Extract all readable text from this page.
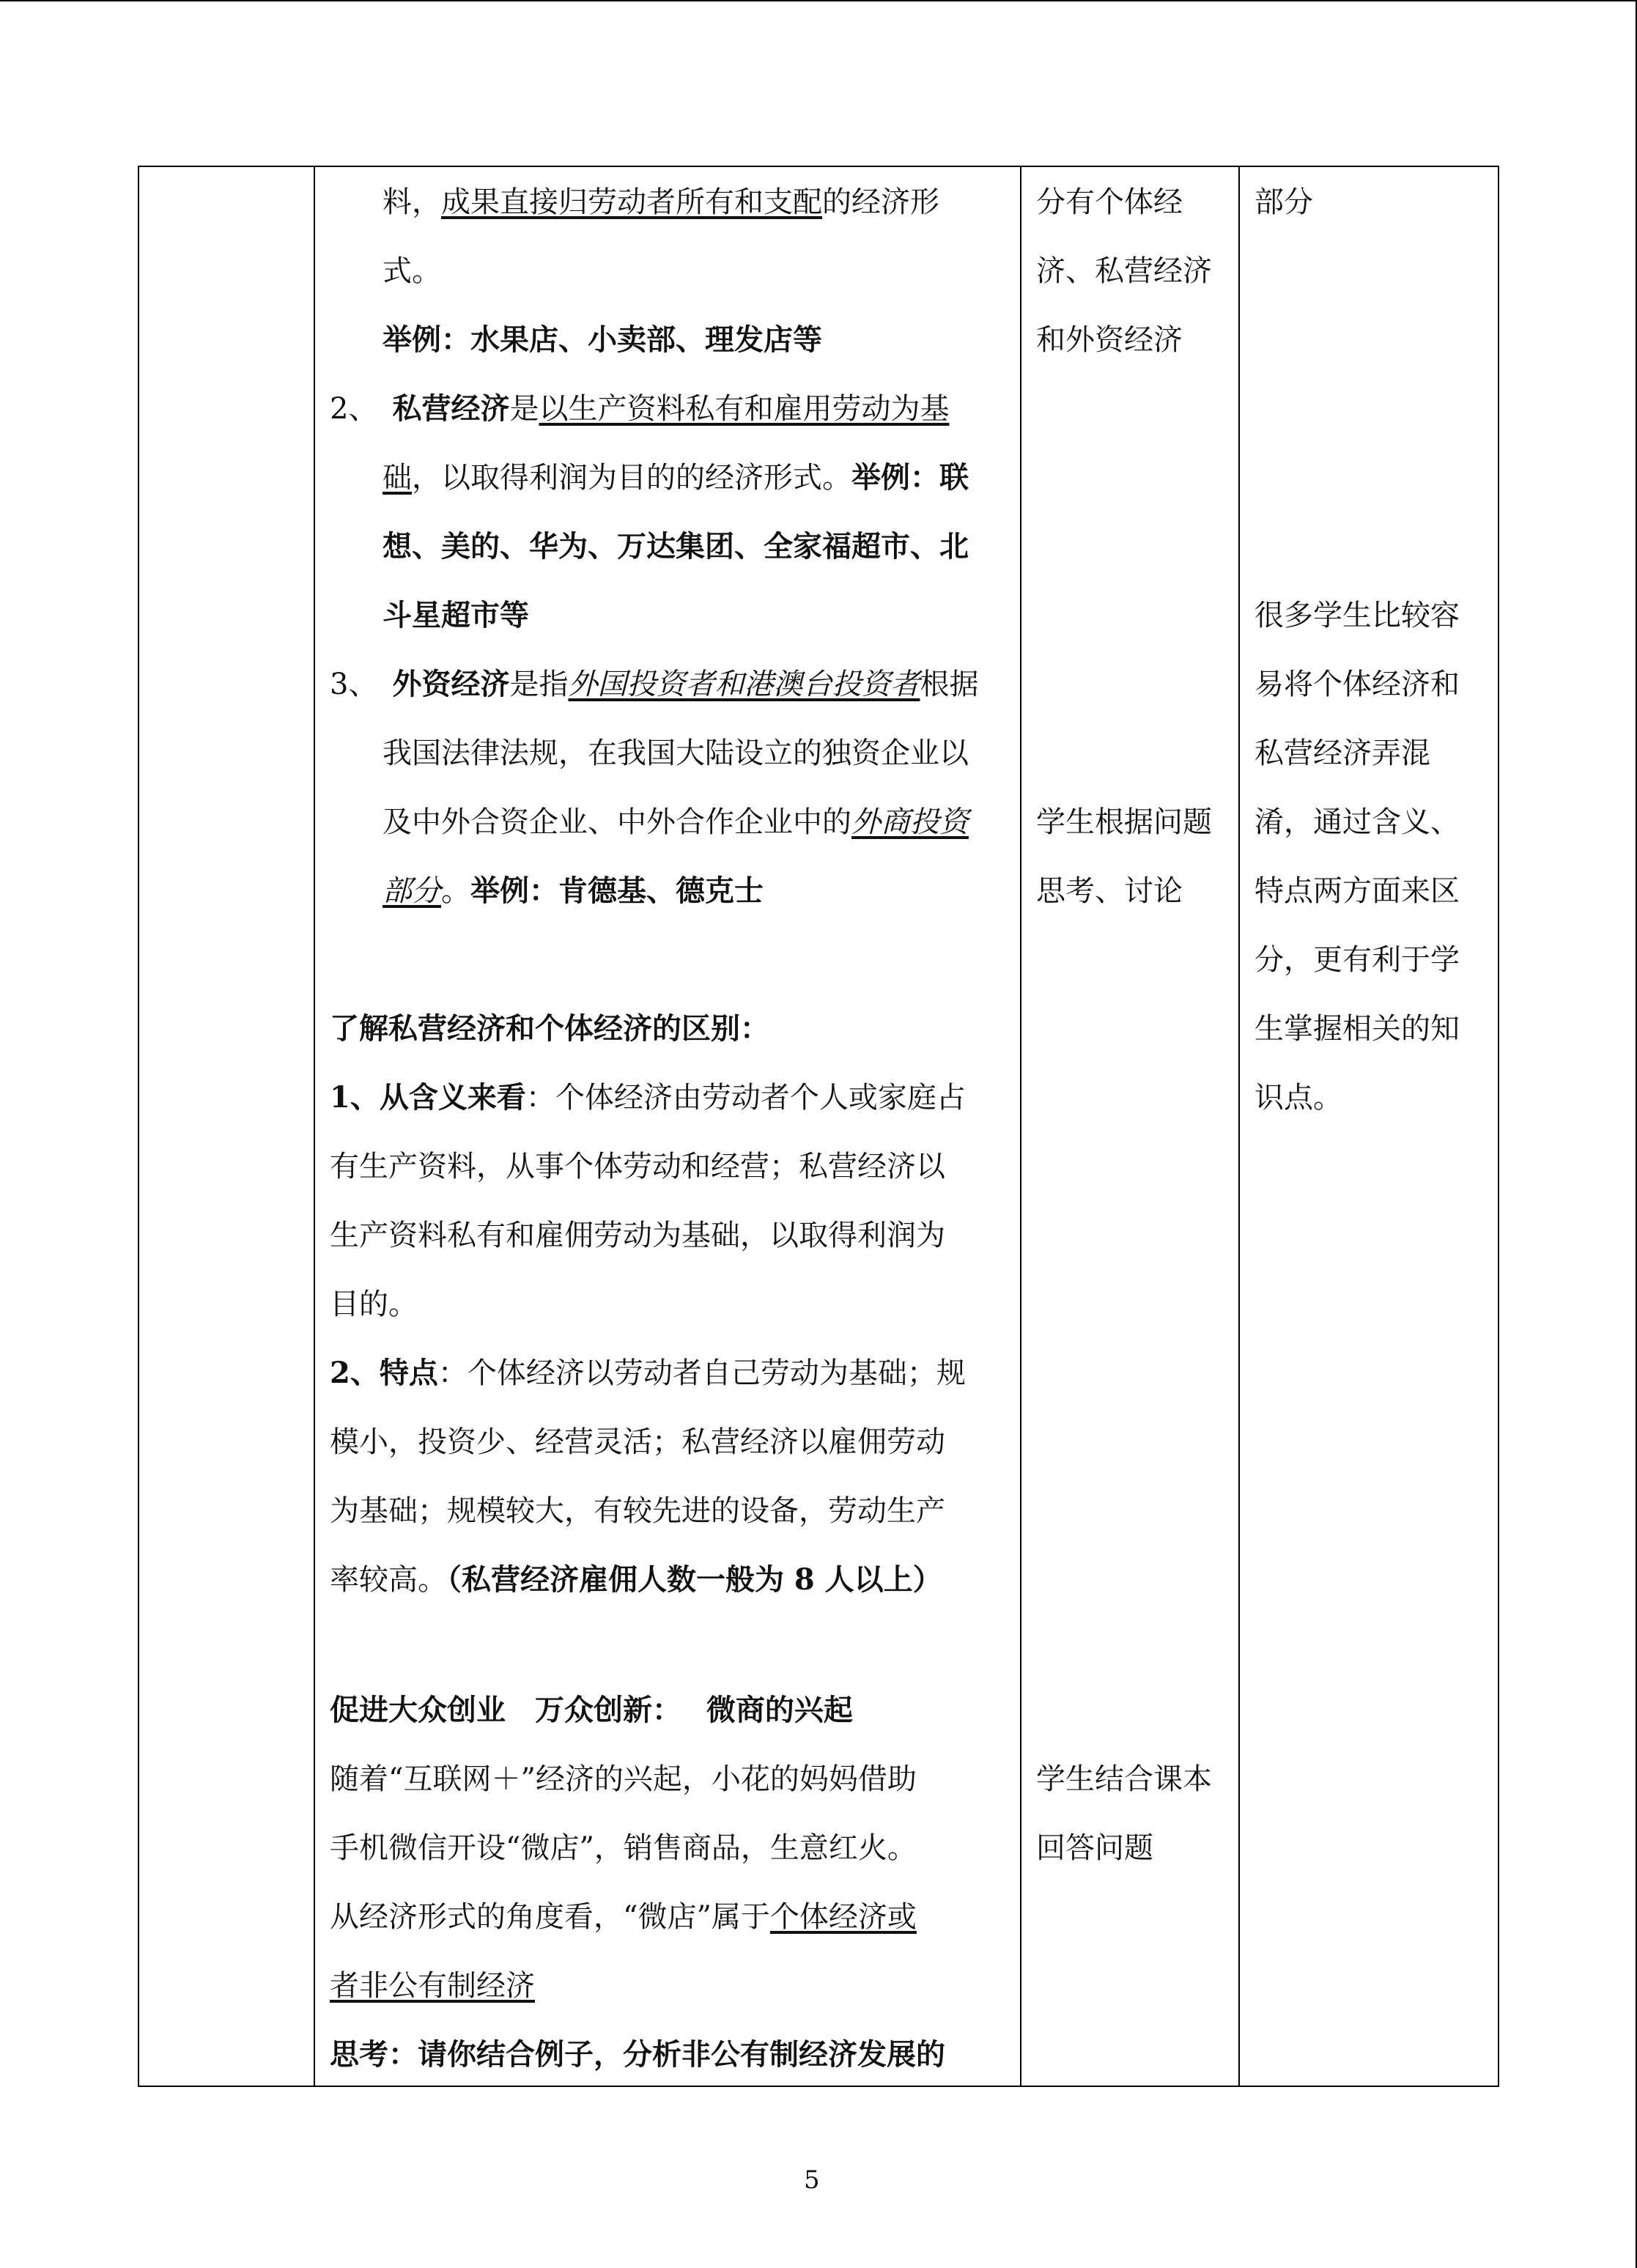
料，成果直接归劳动者所有和支配的经济形
式。
举例：水果店、小卖部、理发店等
2、　 私营经济是以生产资料私有和雇用劳动为基
础，以取得利润为目的的经济形式。举例：联
想、美的、华为、万达集团、全家福超市、北
斗星超市等
3、　 外资经济是指外国投资者和港澳台投资者根据
我国法律法规，在我国大陆设立的独资企业以
及中外合资企业、中外合作企业中的外商投资
部分。举例：肯德基、德克士
了解私营经济和个体经济的区别：
1、从含义来看：个体经济由劳动者个人或家庭占
有生产资料，从事个体劳动和经营；私营经济以
生产资料私有和雇佣劳动为基础，以取得利润为
目的。
2、特点：个体经济以劳动者自己劳动为基础；规
模小，投资少、经营灵活；私营经济以雇佣劳动
为基础；规模较大，有较先进的设备，劳动生产
率较高。（私营经济雇佣人数一般为 8 人以上）
促进大众创业　万众创新：　 微商的兴起
随着“互联网＋”经济的兴起，小花的妈妈借助
手机微信开设“微店”，销售商品，生意红火。
从经济形式的角度看，“微店”属于个体经济或
者非公有制经济
思考：请你结合例子，分析非公有制经济发展的
分有个体经
济、私营经济
和外资经济
学生根据问题
思考、讨论
学生结合课本
回答问题
部分
很多学生比较容
易将个体经济和
私营经济弄混
淆，通过含义、
特点两方面来区
分，更有利于学
生掌握相关的知
识点。
5
